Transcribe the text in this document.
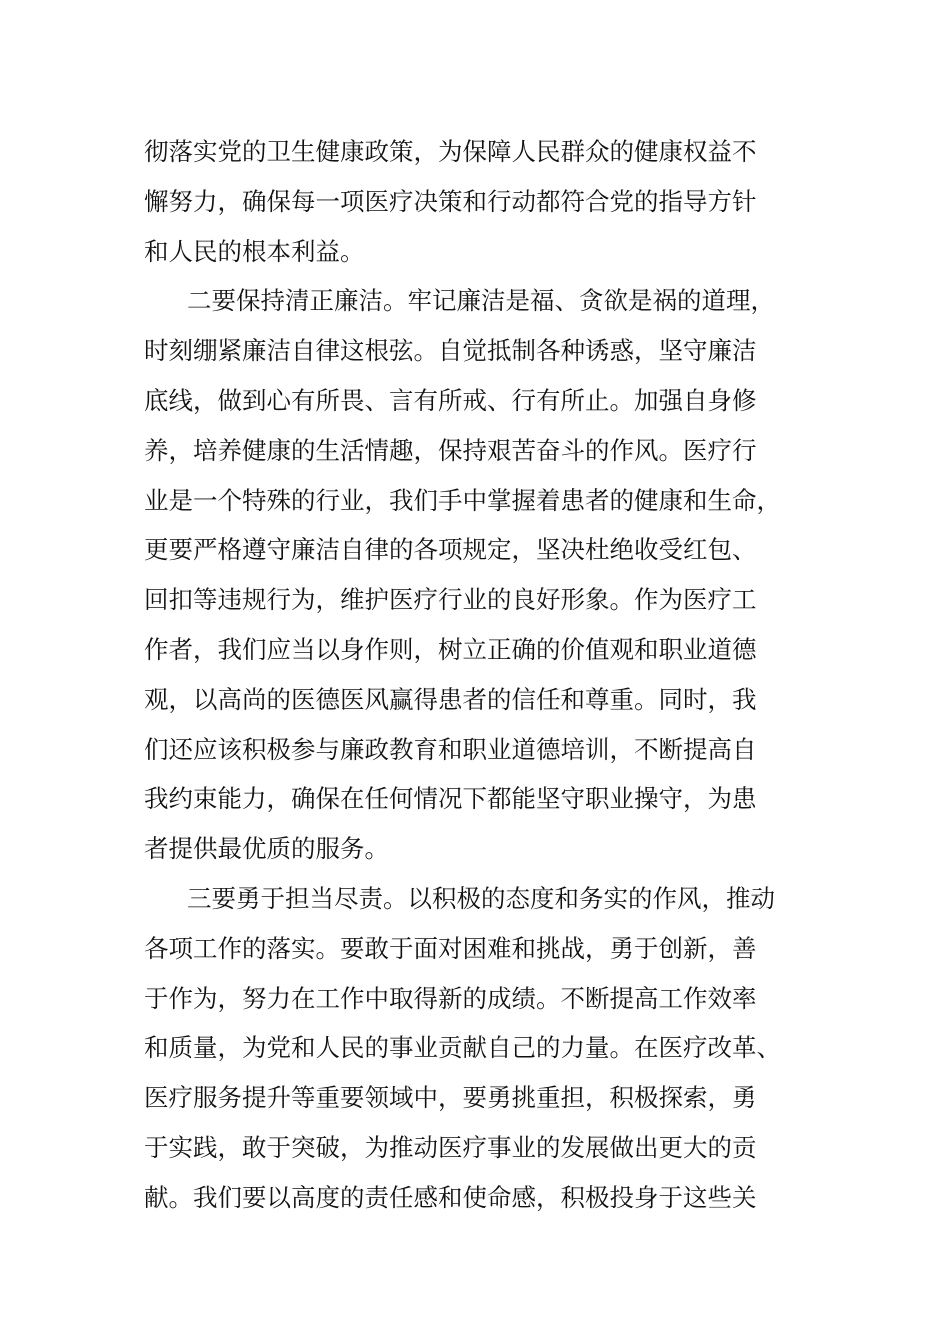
彻落实党的卫生健康政策，为保障人民群众的健康权益不
懈努力，确保每一项医疗决策和行动都符合党的指导方针
和人民的根本利益。
二要保持清正廉洁。牢记廉洁是福、贪欲是祸的道理，
时刻绷紧廉洁自律这根弦。自觉抵制各种诱惑，坚守廉洁
底线，做到心有所畏、言有所戒、行有所止。加强自身修
养，培养健康的生活情趣，保持艰苦奋斗的作风。医疗行
业是一个特殊的行业，我们手中掌握着患者的健康和生命，
更要严格遵守廉洁自律的各项规定，坚决杜绝收受红包、
回扣等违规行为，维护医疗行业的良好形象。作为医疗工
作者，我们应当以身作则，树立正确的价值观和职业道德
观，以高尚的医德医风赢得患者的信任和尊重。同时，我
们还应该积极参与廉政教育和职业道德培训，不断提高自
我约束能力，确保在任何情况下都能坚守职业操守，为患
者提供最优质的服务。
三要勇于担当尽责。以积极的态度和务实的作风，推动
各项工作的落实。要敢于面对困难和挑战，勇于创新，善
于作为，努力在工作中取得新的成绩。不断提高工作效率
和质量，为党和人民的事业贡献自己的力量。在医疗改革、
医疗服务提升等重要领域中，要勇挑重担，积极探索，勇
于实践，敢于突破，为推动医疗事业的发展做出更大的贡
献。我们要以高度的责任感和使命感，积极投身于这些关
